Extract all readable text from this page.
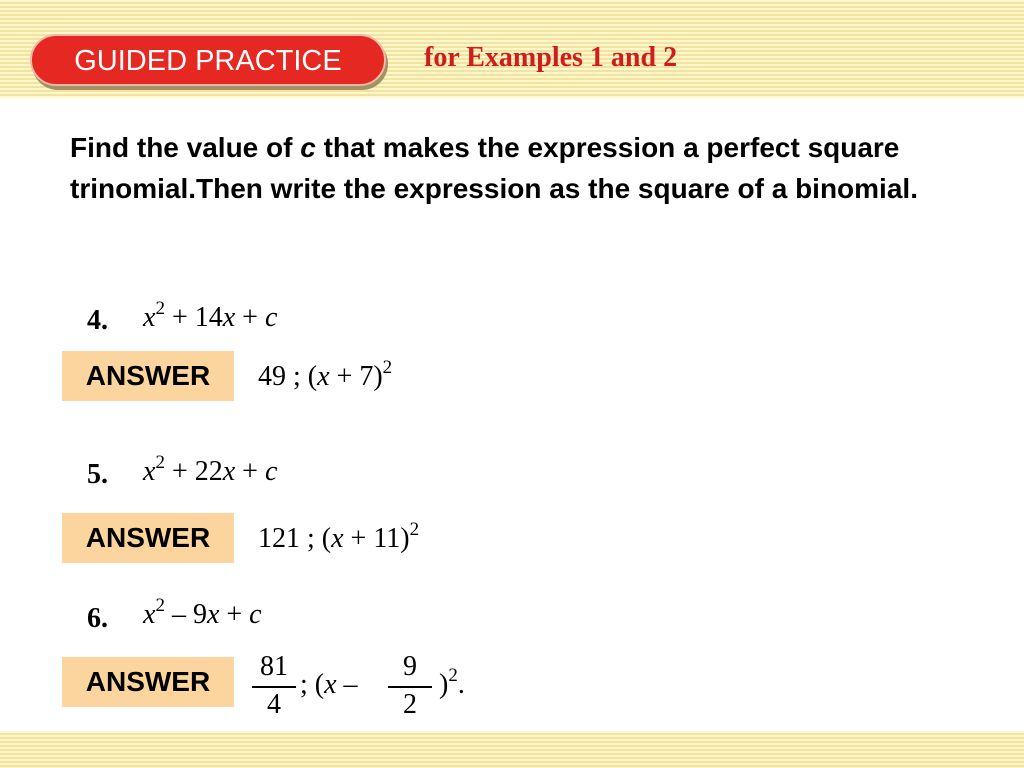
GUIDED PRACTICE	for Examples 1 and 2

Find the value of c that makes the expression a perfect square trinomial.Then write the expression as the square of a binomial.

4. $x^2 + 14x + c$
ANSWER	49 ; $(x + 7)^2$
5. $x^2 + 22x + c$
ANSWER	121 ; $(x + 11)^2$
6. $x^2 - 9x + c$
ANSWER	81
4
; (x –
9
2
)$^2$.
